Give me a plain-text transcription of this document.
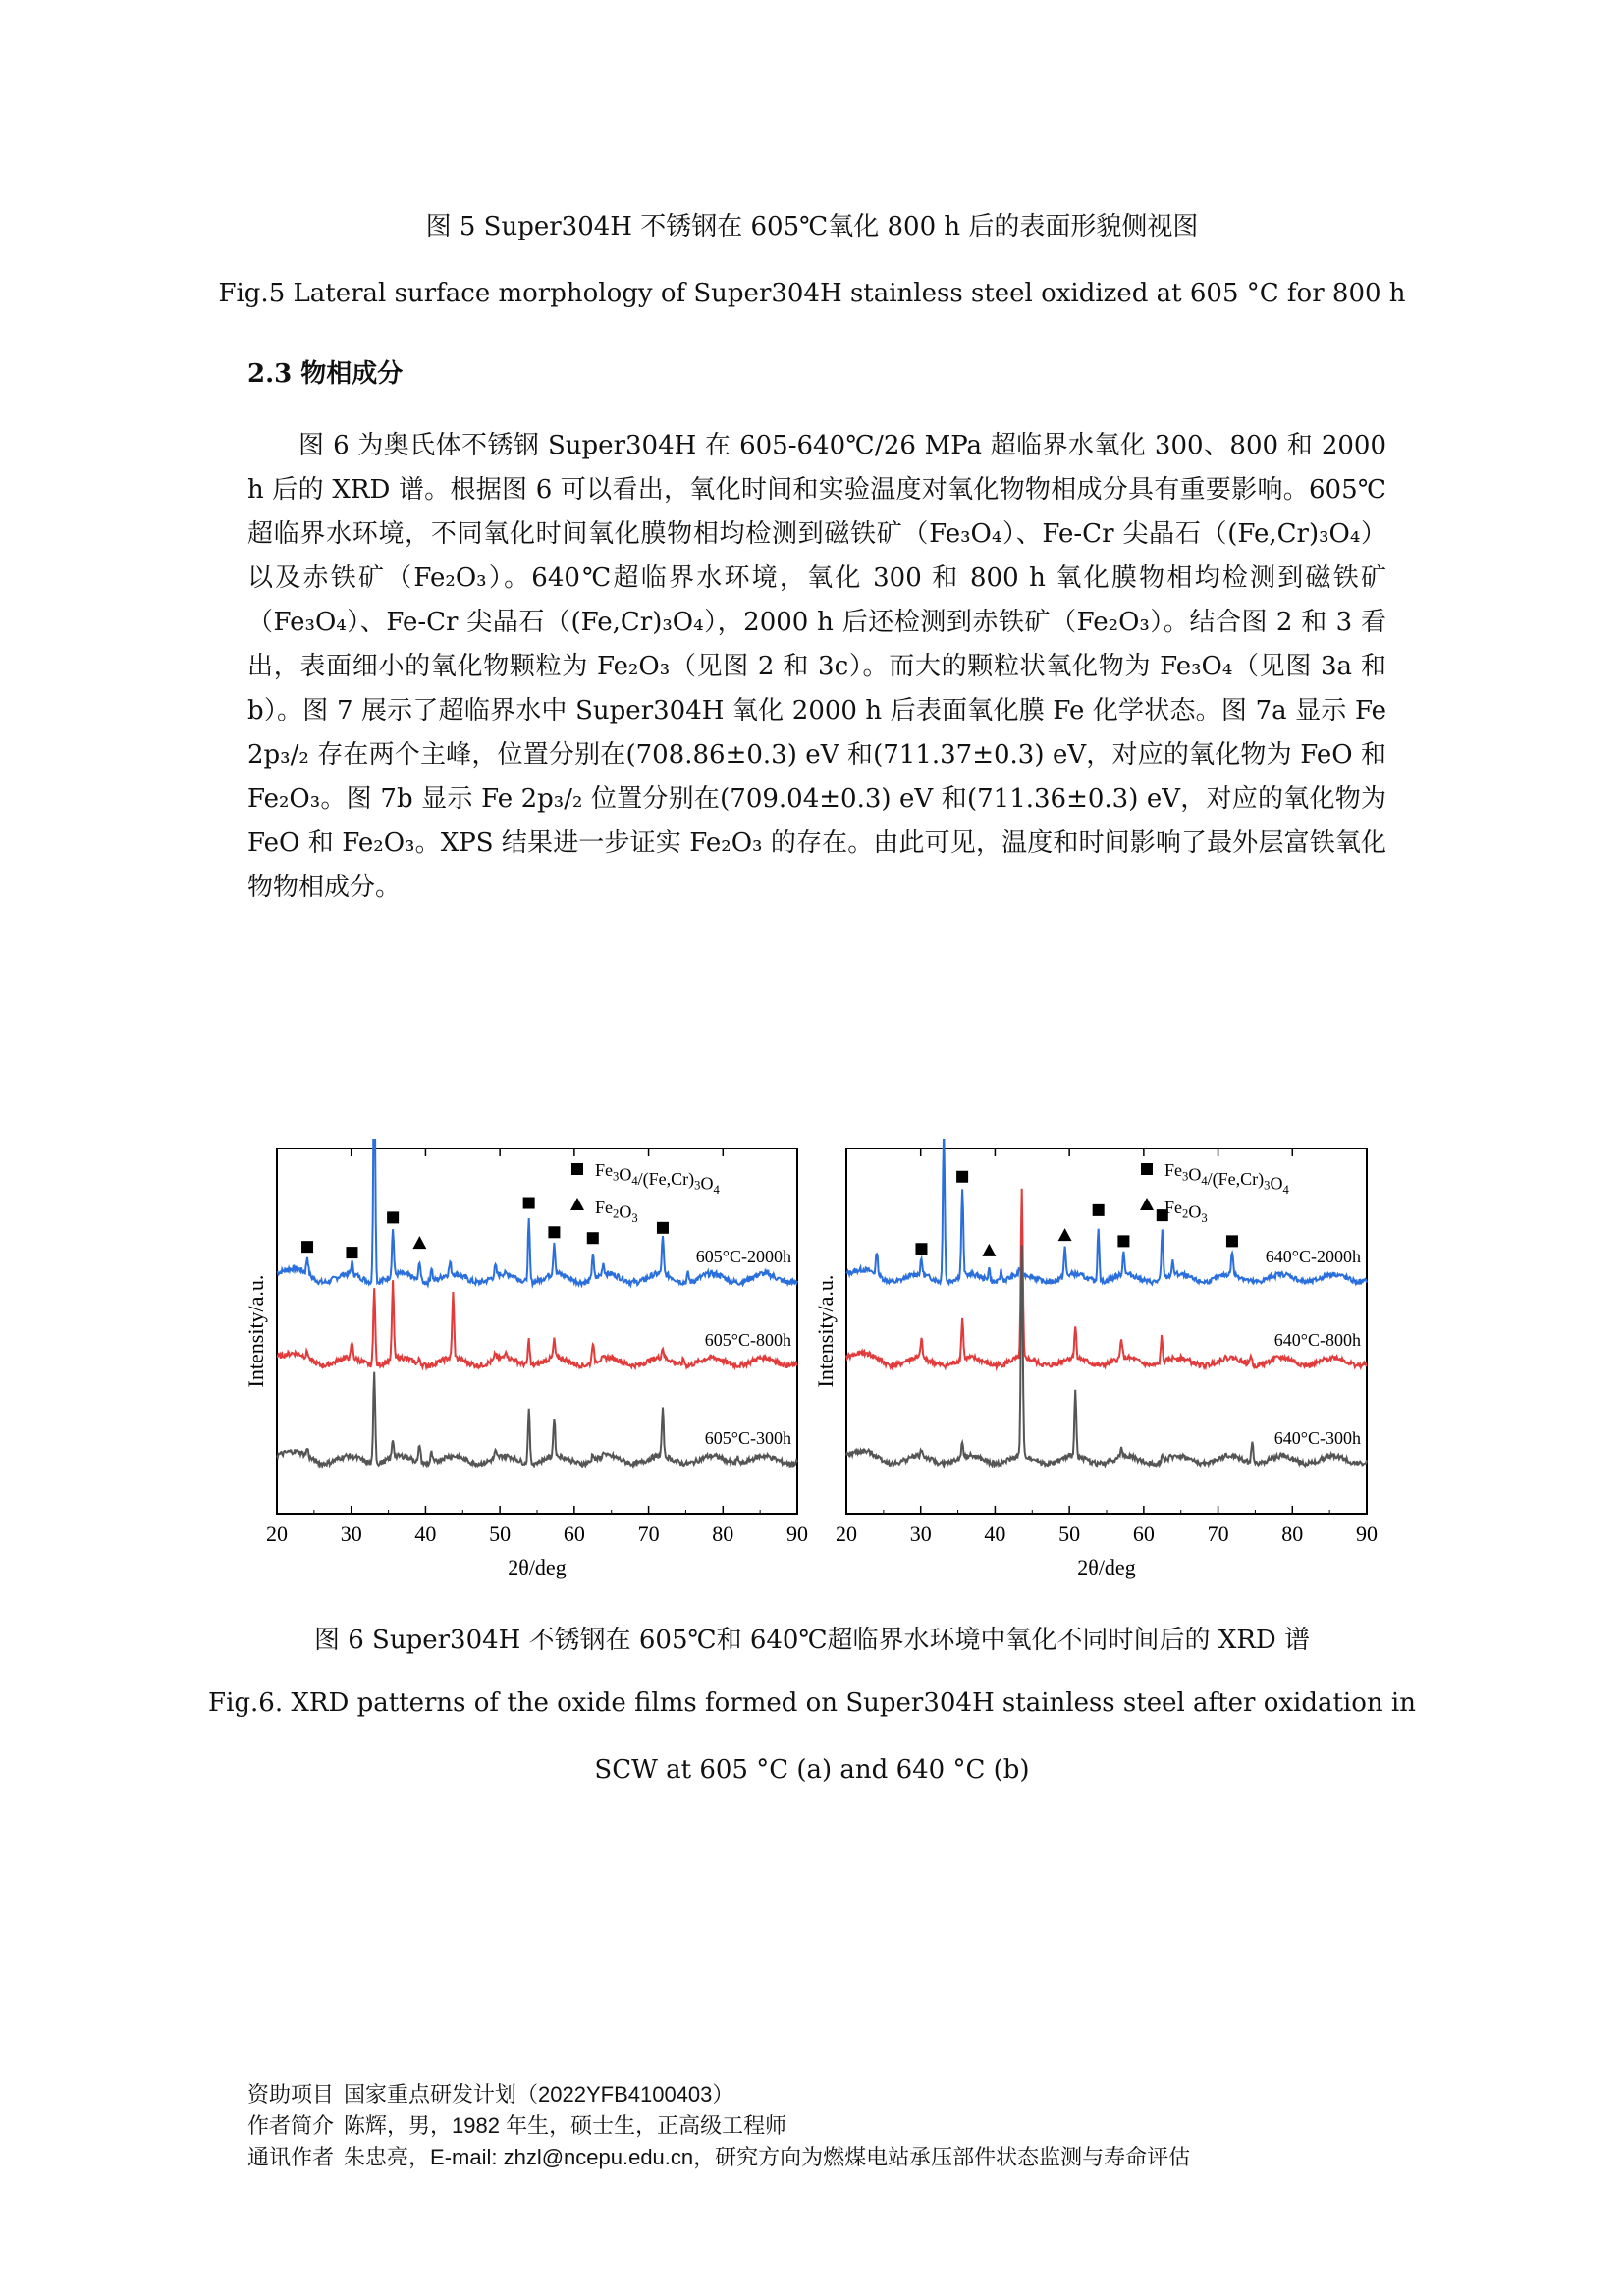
图 5 Super304H 不锈钢在 605℃氧化 800 h 后的表面形貌侧视图
Fig.5 Lateral surface morphology of Super304H stainless steel oxidized at 605 °C for 800 h
2.3 物相成分

图 6 为奥氏体不锈钢 Super304H 在 605-640℃/26 MPa 超临界水氧化 300、800 和 2000 h 后的 XRD 谱。根据图 6 可以看出，氧化时间和实验温度对氧化物物相成分具有重要影响。605℃超临界水环境，不同氧化时间氧化膜物相均检测到磁铁矿（Fe₃O₄）、Fe-Cr 尖晶石（(Fe,Cr)₃O₄）以及赤铁矿（Fe₂O₃）。640℃超临界水环境，氧化 300 和 800 h 氧化膜物相均检测到磁铁矿（Fe₃O₄）、Fe-Cr 尖晶石（(Fe,Cr)₃O₄），2000 h 后还检测到赤铁矿（Fe₂O₃）。结合图 2 和 3 看出，表面细小的氧化物颗粒为 Fe₂O₃（见图 2 和 3c）。而大的颗粒状氧化物为 Fe₃O₄（见图 3a 和 b）。图 7 展示了超临界水中 Super304H 氧化 2000 h 后表面氧化膜 Fe 化学状态。图 7a 显示 Fe 2p₃/₂ 存在两个主峰，位置分别在(708.86±0.3) eV 和(711.37±0.3) eV，对应的氧化物为 FeO 和 Fe₂O₃。图 7b 显示 Fe 2p₃/₂ 位置分别在(709.04±0.3) eV 和(711.36±0.3) eV，对应的氧化物为 FeO 和 Fe₂O₃。XPS 结果进一步证实 Fe₂O₃ 的存在。由此可见，温度和时间影响了最外层富铁氧化物物相成分。

20 30 40 50 60 70 80 90
2θ/deg
Intensity/a.u.
605°C-2000h
605°C-800h
605°C-300h
$Fe_3O_4/(Fe,Cr)_3O_4$
$Fe_2O_3$
20 30 40 50 60 70 80 90
2θ/deg
Intensity/a.u.
640°C-2000h
640°C-800h
640°C-300h
$Fe_3O_4/(Fe,Cr)_3O_4$
$Fe_2O_3$
图 6 Super304H 不锈钢在 605℃和 640℃超临界水环境中氧化不同时间后的 XRD 谱
Fig.6. XRD patterns of the oxide films formed on Super304H stainless steel after oxidation in
SCW at 605 °C (a) and 640 °C (b)
资助项目 国家重点研发计划（2022YFB4100403）
作者简介 陈辉，男，1982 年生，硕士生，正高级工程师
通讯作者 朱忠亮，E-mail: zhzl@ncepu.edu.cn，研究方向为燃煤电站承压部件状态监测与寿命评估
